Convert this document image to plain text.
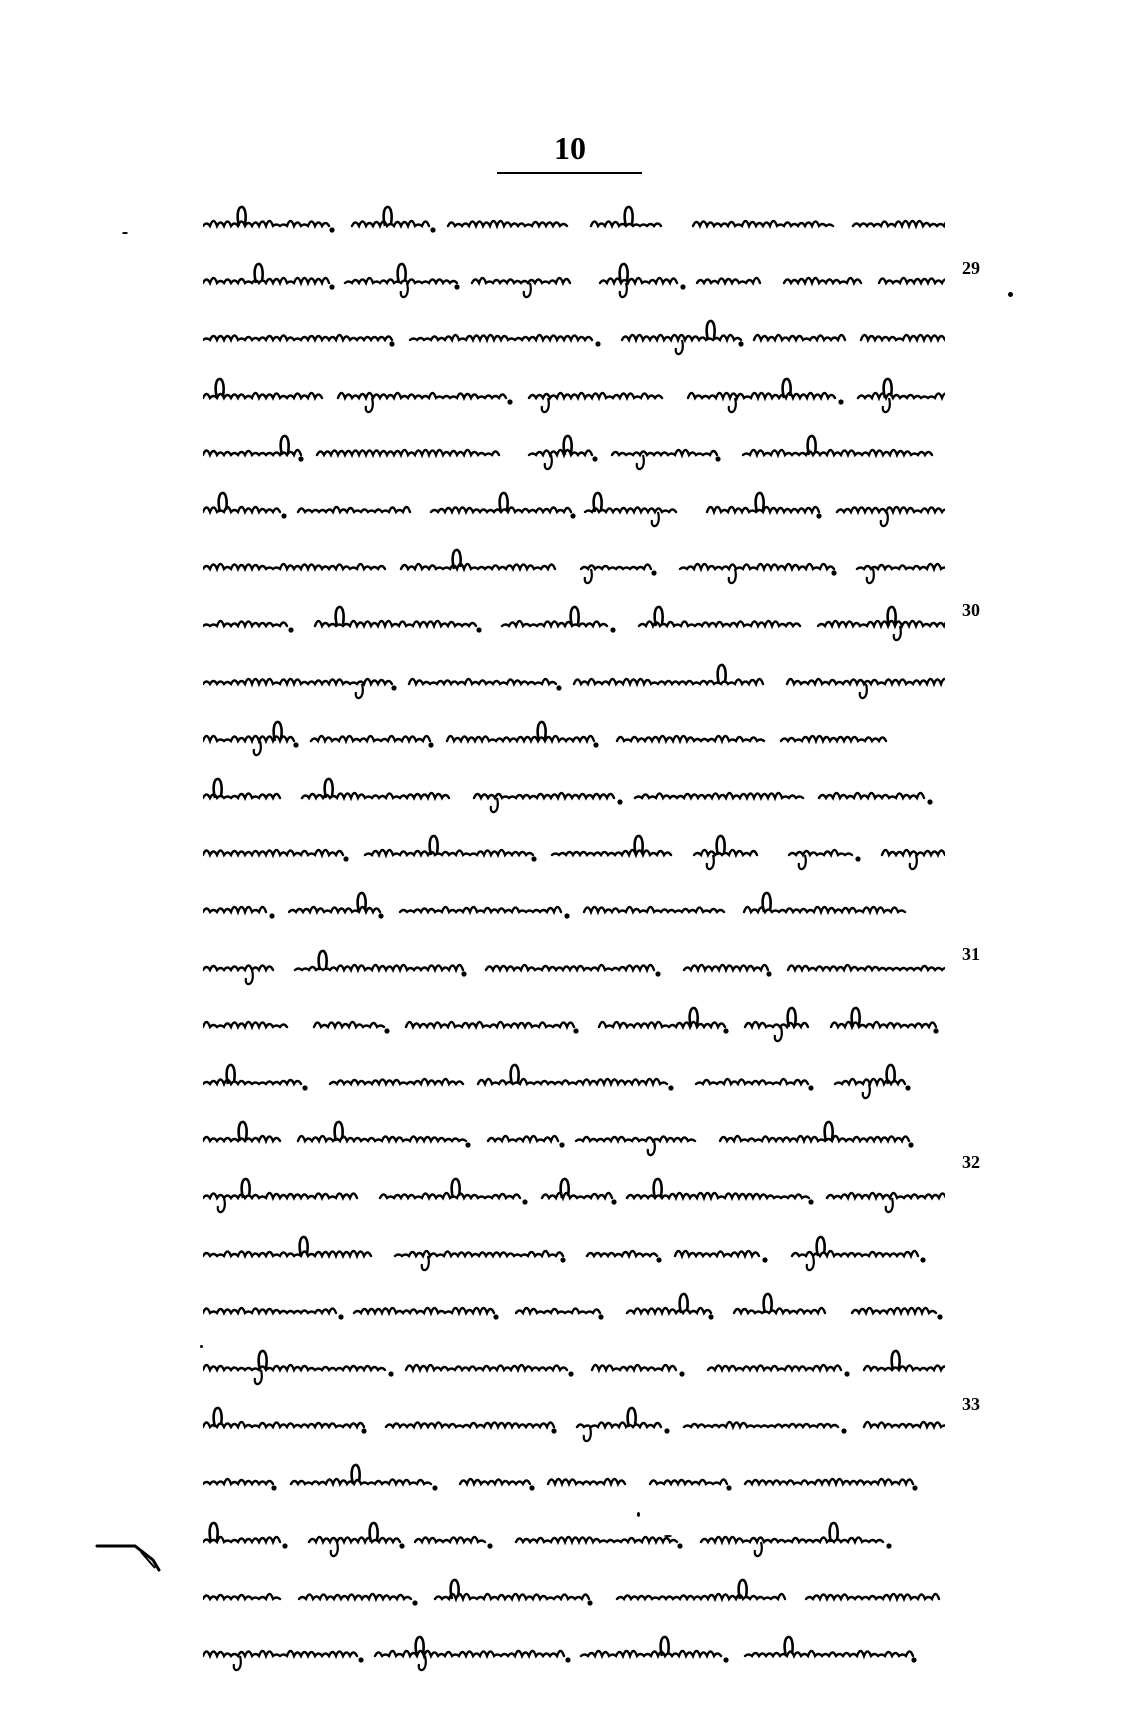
10
29
30
31
32
33
